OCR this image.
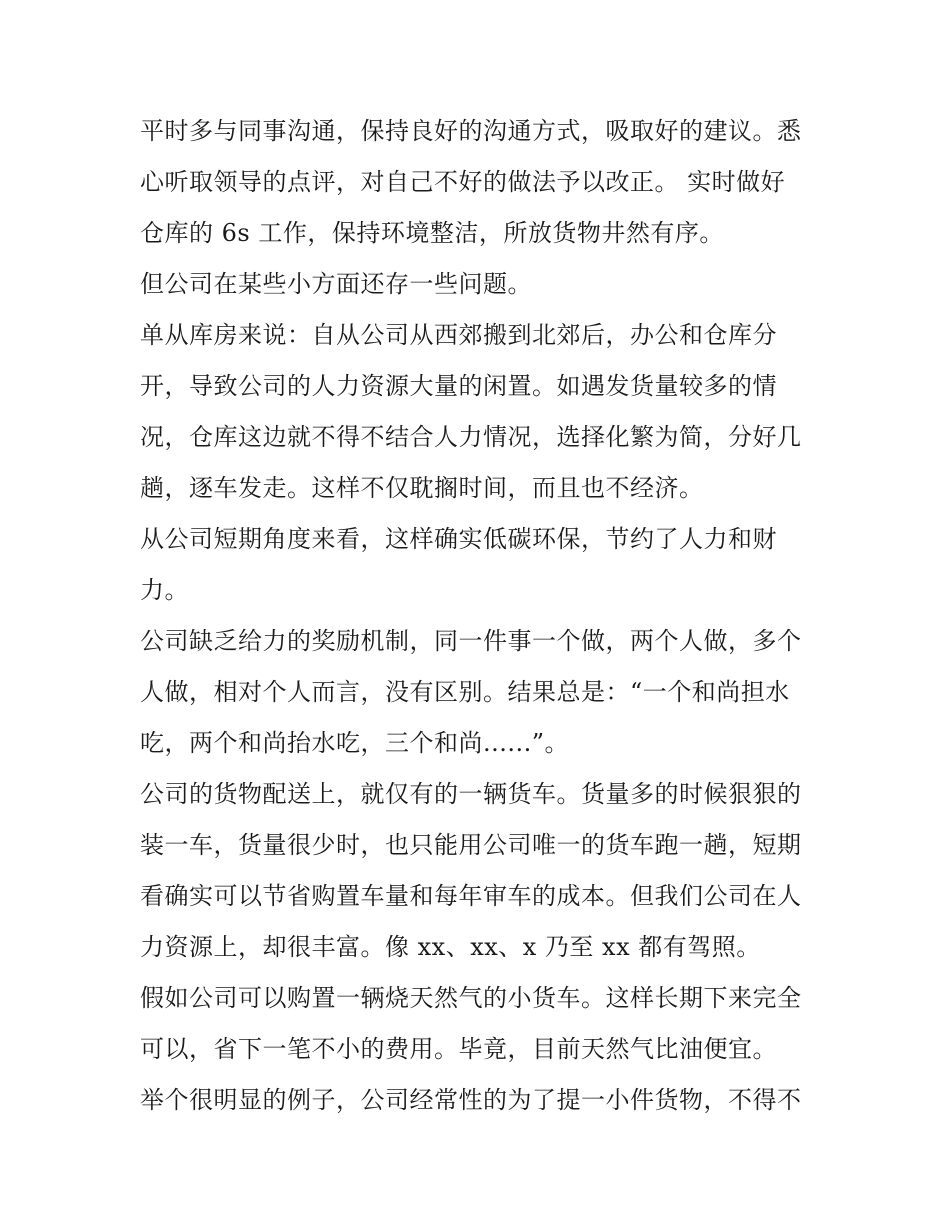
平时多与同事沟通，保持良好的沟通方式，吸取好的建议。悉
心听取领导的点评，对自己不好的做法予以改正。 实时做好
仓库的 6s 工作，保持环境整洁，所放货物井然有序。
但公司在某些小方面还存一些问题。
单从库房来说：自从公司从西郊搬到北郊后，办公和仓库分
开，导致公司的人力资源大量的闲置。如遇发货量较多的情
况，仓库这边就不得不结合人力情况，选择化繁为简，分好几
趟，逐车发走。这样不仅耽搁时间，而且也不经济。
从公司短期角度来看，这样确实低碳环保，节约了人力和财
力。
公司缺乏给力的奖励机制，同一件事一个做，两个人做，多个
人做，相对个人而言，没有区别。结果总是：“一个和尚担水
吃，两个和尚抬水吃，三个和尚......”。
公司的货物配送上，就仅有的一辆货车。货量多的时候狠狠的
装一车，货量很少时，也只能用公司唯一的货车跑一趟，短期
看确实可以节省购置车量和每年审车的成本。但我们公司在人
力资源上，却很丰富。像 xx、xx、x 乃至 xx 都有驾照。
假如公司可以购置一辆烧天然气的小货车。这样长期下来完全
可以，省下一笔不小的费用。毕竟，目前天然气比油便宜。
举个很明显的例子，公司经常性的为了提一小件货物，不得不
